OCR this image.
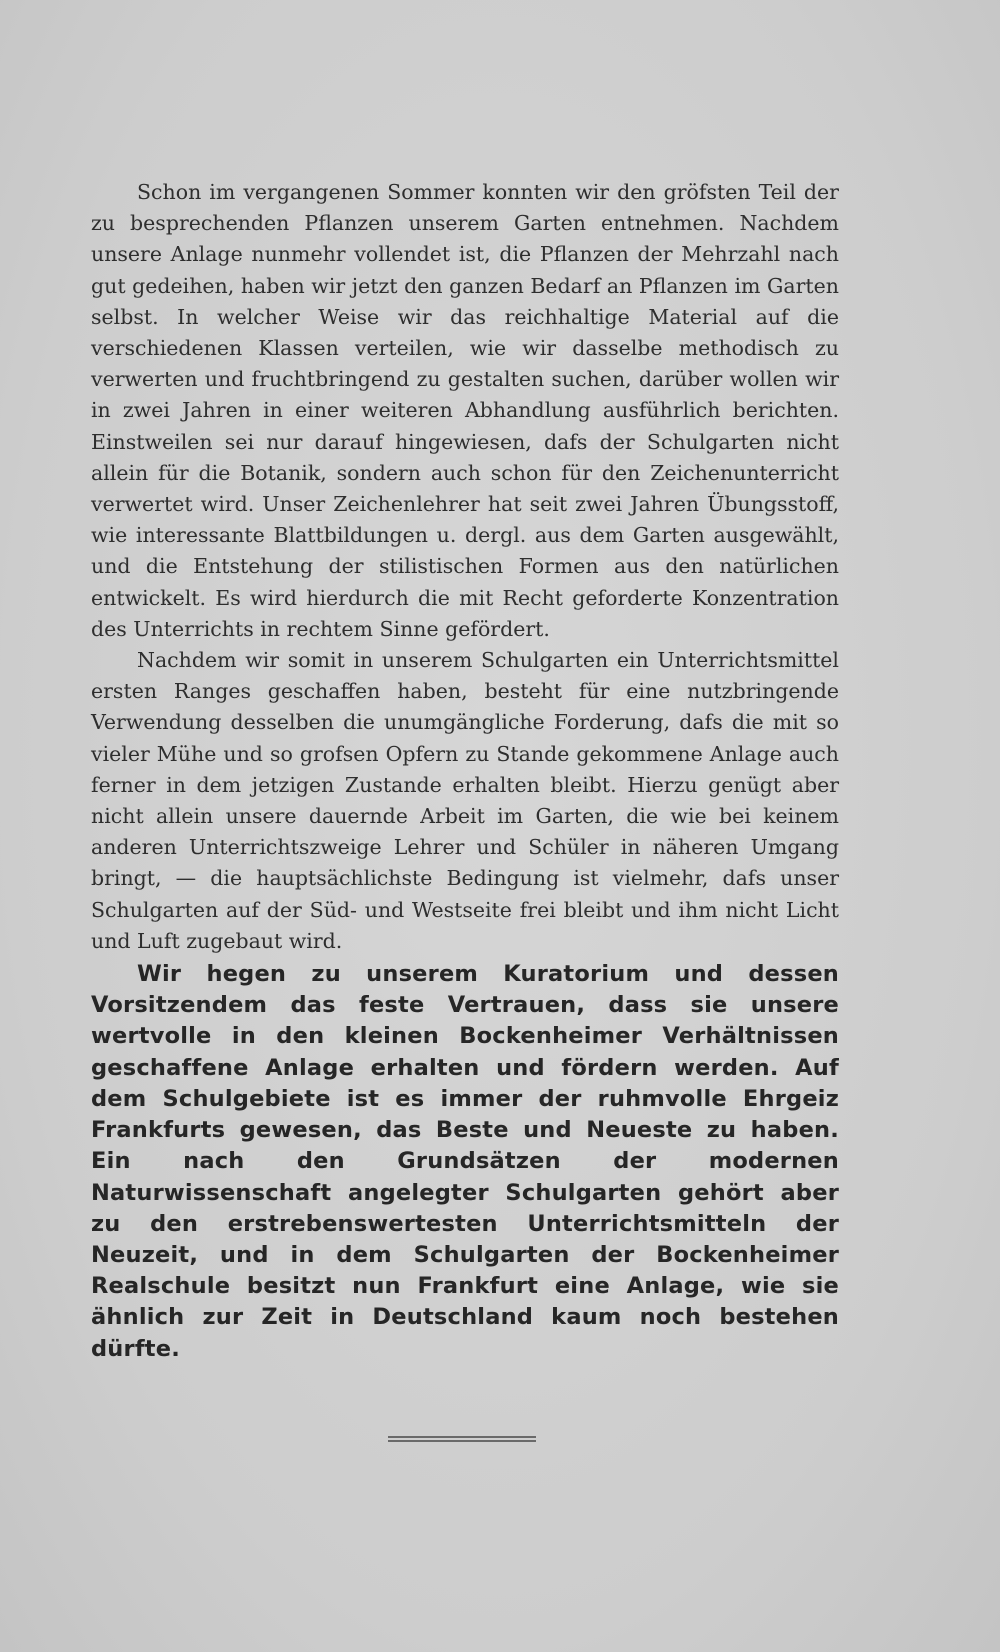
Schon im vergangenen Sommer konnten wir den gröfsten Teil der zu besprechenden Pflanzen unserem Garten entnehmen. Nachdem unsere Anlage nunmehr vollendet ist, die Pflanzen der Mehrzahl nach gut gedeihen, haben wir jetzt den ganzen Bedarf an Pflanzen im Garten selbst. In welcher Weise wir das reichhaltige Material auf die verschiedenen Klassen verteilen, wie wir dasselbe methodisch zu verwerten und fruchtbringend zu gestalten suchen, darüber wollen wir in zwei Jahren in einer weiteren Abhandlung ausführlich berichten. Einstweilen sei nur darauf hingewiesen, dafs der Schulgarten nicht allein für die Botanik, sondern auch schon für den Zeichenunterricht verwertet wird. Unser Zeichenlehrer hat seit zwei Jahren Übungsstoff, wie interessante Blattbildungen u. dergl. aus dem Garten ausgewählt, und die Entstehung der stilistischen Formen aus den natürlichen entwickelt. Es wird hierdurch die mit Recht geforderte Konzentration des Unterrichts in rechtem Sinne gefördert.

Nachdem wir somit in unserem Schulgarten ein Unterrichtsmittel ersten Ranges geschaffen haben, besteht für eine nutzbringende Verwendung desselben die unumgängliche Forderung, dafs die mit so vieler Mühe und so grofsen Opfern zu Stande gekommene Anlage auch ferner in dem jetzigen Zustande erhalten bleibt. Hierzu genügt aber nicht allein unsere dauernde Arbeit im Garten, die wie bei keinem anderen Unterrichtszweige Lehrer und Schüler in näheren Umgang bringt, — die hauptsächlichste Bedingung ist vielmehr, dafs unser Schulgarten auf der Süd- und Westseite frei bleibt und ihm nicht Licht und Luft zugebaut wird.

Wir hegen zu unserem Kuratorium und dessen Vorsitzendem das feste Vertrauen, dass sie unsere wertvolle in den kleinen Bockenheimer Verhältnissen geschaffene Anlage erhalten und fördern werden. Auf dem Schulgebiete ist es immer der ruhmvolle Ehrgeiz Frankfurts gewesen, das Beste und Neueste zu haben. Ein nach den Grundsätzen der modernen Naturwissenschaft angelegter Schulgarten gehört aber zu den erstrebenswertesten Unterrichtsmitteln der Neuzeit, und in dem Schulgarten der Bockenheimer Realschule besitzt nun Frankfurt eine Anlage, wie sie ähnlich zur Zeit in Deutschland kaum noch bestehen dürfte.
